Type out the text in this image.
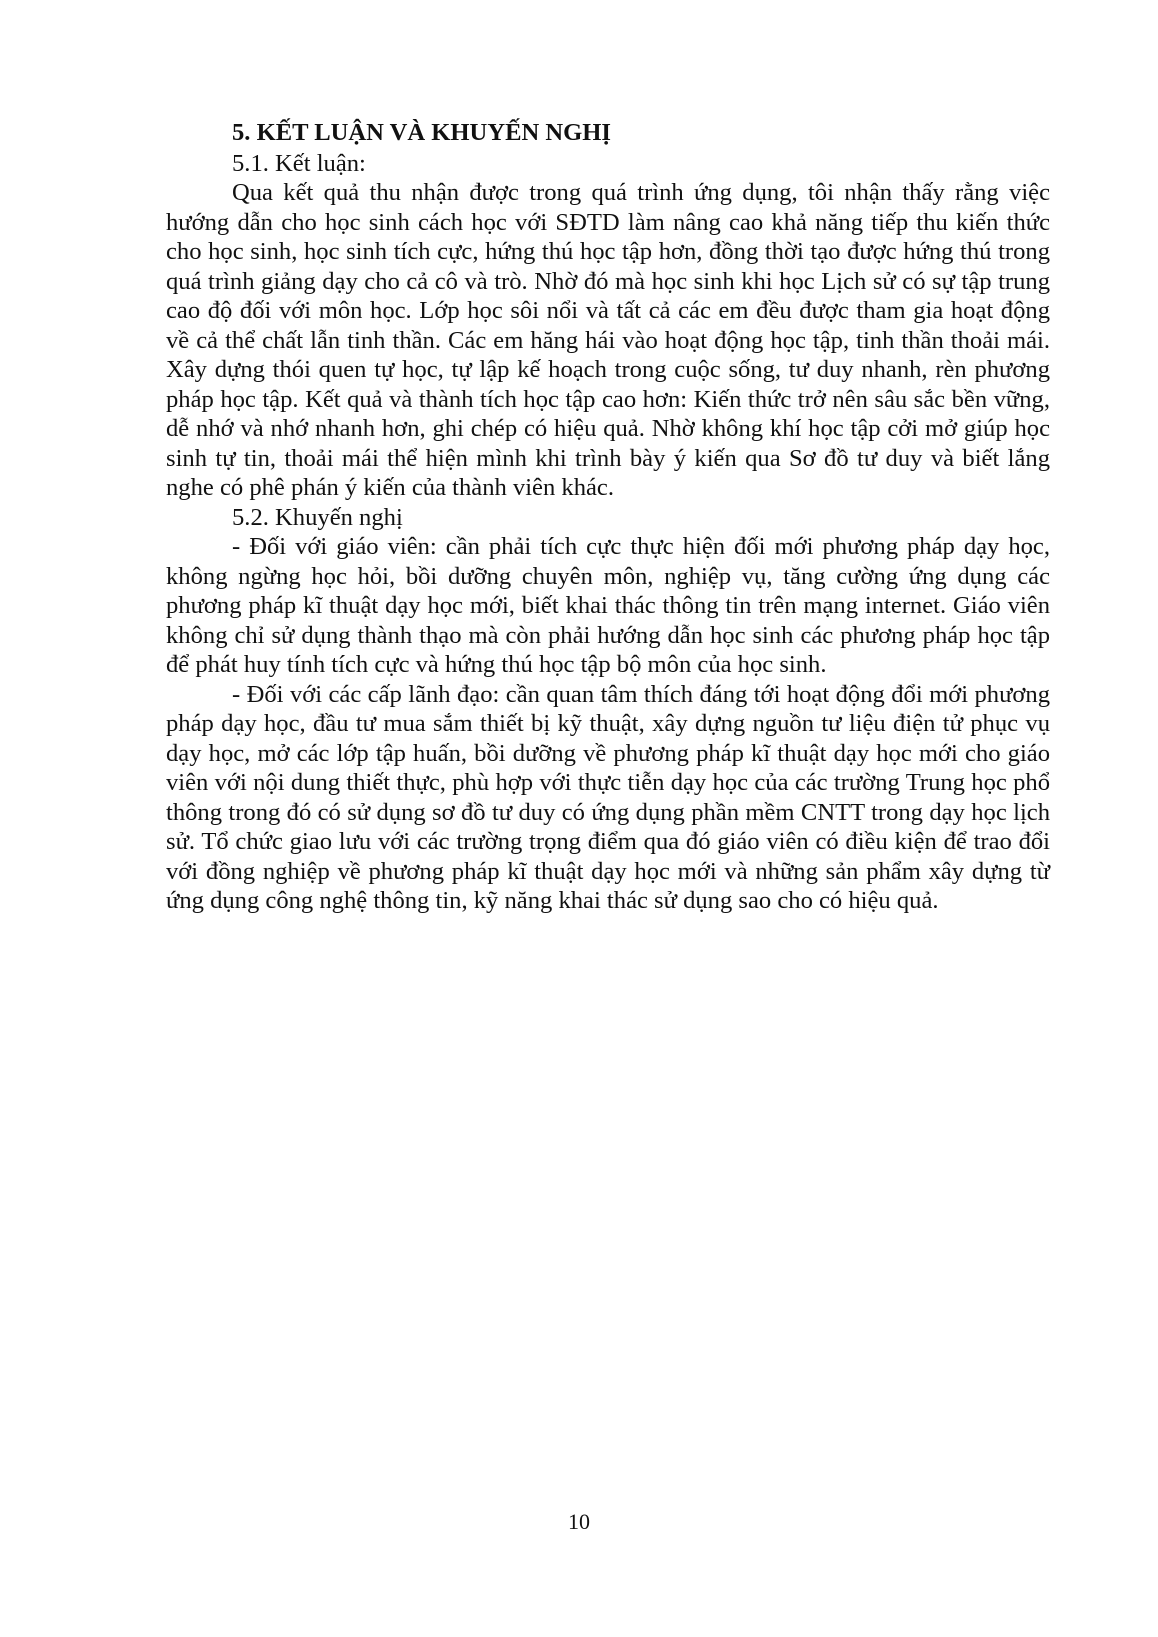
5. KẾT LUẬN VÀ KHUYẾN NGHỊ
5.1. Kết luận:

Qua kết quả thu nhận được trong quá trình ứng dụng, tôi nhận thấy rằng việc hướng dẫn cho học sinh cách học với SĐTD làm nâng cao khả năng tiếp thu kiến thức cho học sinh, học sinh tích cực, hứng thú học tập hơn, đồng thời tạo được hứng thú trong quá trình giảng dạy cho cả cô và trò. Nhờ đó mà học sinh khi học Lịch sử có sự tập trung cao độ đối với môn học. Lớp học sôi nổi và tất cả các em đều được tham gia hoạt động về cả thể chất lẫn tinh thần. Các em hăng hái vào hoạt động học tập, tinh thần thoải mái. Xây dựng thói quen tự học, tự lập kế hoạch trong cuộc sống, tư duy nhanh, rèn phương pháp học tập. Kết quả và thành tích học tập cao hơn: Kiến thức trở nên sâu sắc bền vững, dễ nhớ và nhớ nhanh hơn, ghi chép có hiệu quả. Nhờ không khí học tập cởi mở giúp học sinh tự tin, thoải mái thể hiện mình khi trình bày ý kiến qua Sơ đồ tư duy và biết lắng nghe có phê phán ý kiến của thành viên khác.

5.2. Khuyến nghị

- Đối với giáo viên: cần phải tích cực thực hiện đối mới phương pháp dạy học, không ngừng học hỏi, bồi dưỡng chuyên môn, nghiệp vụ, tăng cường ứng dụng các phương pháp kĩ thuật dạy học mới, biết khai thác thông tin trên mạng internet. Giáo viên không chỉ sử dụng thành thạo mà còn phải hướng dẫn học sinh các phương pháp học tập để phát huy tính tích cực và hứng thú học tập bộ môn của học sinh.

- Đối với các cấp lãnh đạo: cần quan tâm thích đáng tới hoạt động đổi mới phương pháp dạy học, đầu tư mua sắm thiết bị kỹ thuật, xây dựng nguồn tư liệu điện tử phục vụ dạy học, mở các lớp tập huấn, bồi dưỡng về phương pháp kĩ thuật dạy học mới cho giáo viên với nội dung thiết thực, phù hợp với thực tiễn dạy học của các trường Trung học phổ thông trong đó có sử dụng sơ đồ tư duy có ứng dụng phần mềm CNTT trong dạy học lịch sử. Tổ chức giao lưu với các trường trọng điểm qua đó giáo viên có điều kiện để trao đổi với đồng nghiệp về phương pháp kĩ thuật dạy học mới và những sản phẩm xây dựng từ ứng dụng công nghệ thông tin, kỹ năng khai thác sử dụng sao cho có hiệu quả.

10
